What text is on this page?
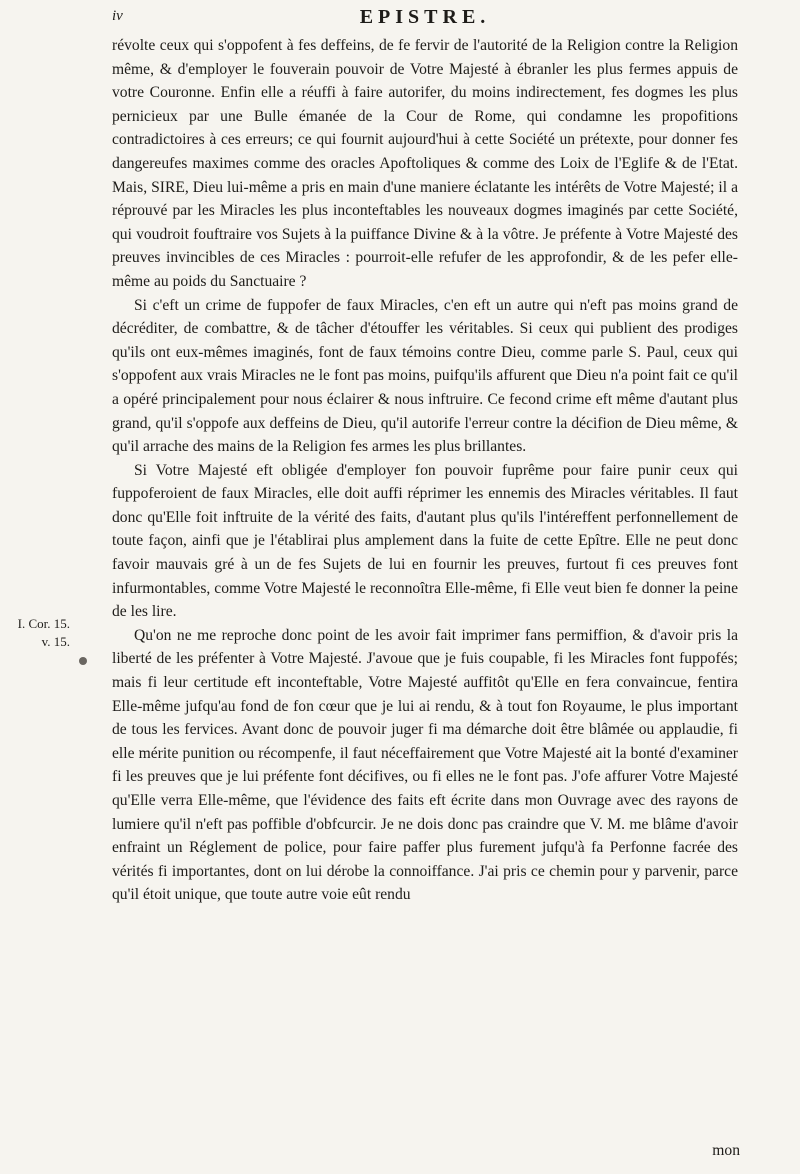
iv	EPISTRE.
I. Cor. 15.
v. 15.

révolte ceux qui s'oppofent à fes deffeins, de fe fervir de l'autorité de la Religion contre la Religion même, & d'employer le fouverain pouvoir de Votre Majesté à ébranler les plus fermes appuis de votre Couronne. Enfin elle a réuffi à faire autorifer, du moins indirectement, fes dogmes les plus pernicieux par une Bulle émanée de la Cour de Rome, qui condamne les propofitions contradictoires à ces erreurs; ce qui fournit aujourd'hui à cette Société un prétexte, pour donner fes dangereufes maximes comme des oracles Apoftoliques & comme des Loix de l'Eglife & de l'Etat. Mais, SIRE, Dieu lui-même a pris en main d'une maniere éclatante les intérêts de Votre Majesté; il a réprouvé par les Miracles les plus inconteftables les nouveaux dogmes imaginés par cette Société, qui voudroit fouftraire vos Sujets à la puiffance Divine & à la vôtre. Je préfente à Votre Majesté des preuves invincibles de ces Miracles : pourroit-elle refufer de les approfondir, & de les pefer elle-même au poids du Sanctuaire ?

Si c'eft un crime de fuppofer de faux Miracles, c'en eft un autre qui n'eft pas moins grand de décréditer, de combattre, & de tâcher d'étouffer les véritables. Si ceux qui publient des prodiges qu'ils ont eux-mêmes imaginés, font de faux témoins contre Dieu, comme parle S. Paul, ceux qui s'oppofent aux vrais Miracles ne le font pas moins, puifqu'ils affurent que Dieu n'a point fait ce qu'il a opéré principalement pour nous éclairer & nous inftruire. Ce fecond crime eft même d'autant plus grand, qu'il s'oppofe aux deffeins de Dieu, qu'il autorife l'erreur contre la décifion de Dieu même, & qu'il arrache des mains de la Religion fes armes les plus brillantes.

Si Votre Majesté eft obligée d'employer fon pouvoir fuprême pour faire punir ceux qui fuppoferoient de faux Miracles, elle doit auffi réprimer les ennemis des Miracles véritables. Il faut donc qu'Elle foit inftruite de la vérité des faits, d'autant plus qu'ils l'intéreffent perfonnellement de toute façon, ainfi que je l'établirai plus amplement dans la fuite de cette Epître. Elle ne peut donc favoir mauvais gré à un de fes Sujets de lui en fournir les preuves, furtout fi ces preuves font infurmontables, comme Votre Majesté le reconnoîtra Elle-même, fi Elle veut bien fe donner la peine de les lire.

Qu'on ne me reproche donc point de les avoir fait imprimer fans permiffion, & d'avoir pris la liberté de les préfenter à Votre Majesté. J'avoue que je fuis coupable, fi les Miracles font fuppofés; mais fi leur certitude eft inconteftable, Votre Majesté auffitôt qu'Elle en fera convaincue, fentira Elle-même jufqu'au fond de fon cœur que je lui ai rendu, & à tout fon Royaume, le plus important de tous les fervices. Avant donc de pouvoir juger fi ma démarche doit être blâmée ou applaudie, fi elle mérite punition ou récompenfe, il faut néceffairement que Votre Majesté ait la bonté d'examiner fi les preuves que je lui préfente font décifives, ou fi elles ne le font pas. J'ofe affurer Votre Majesté qu'Elle verra Elle-même, que l'évidence des faits eft écrite dans mon Ouvrage avec des rayons de lumiere qu'il n'eft pas poffible d'obfcurcir. Je ne dois donc pas craindre que V. M. me blâme d'avoir enfraint un Réglement de police, pour faire paffer plus furement jufqu'à fa Perfonne facrée des vérités fi importantes, dont on lui dérobe la connoiffance. J'ai pris ce chemin pour y parvenir, parce qu'il étoit unique, que toute autre voie eût rendu

mon
